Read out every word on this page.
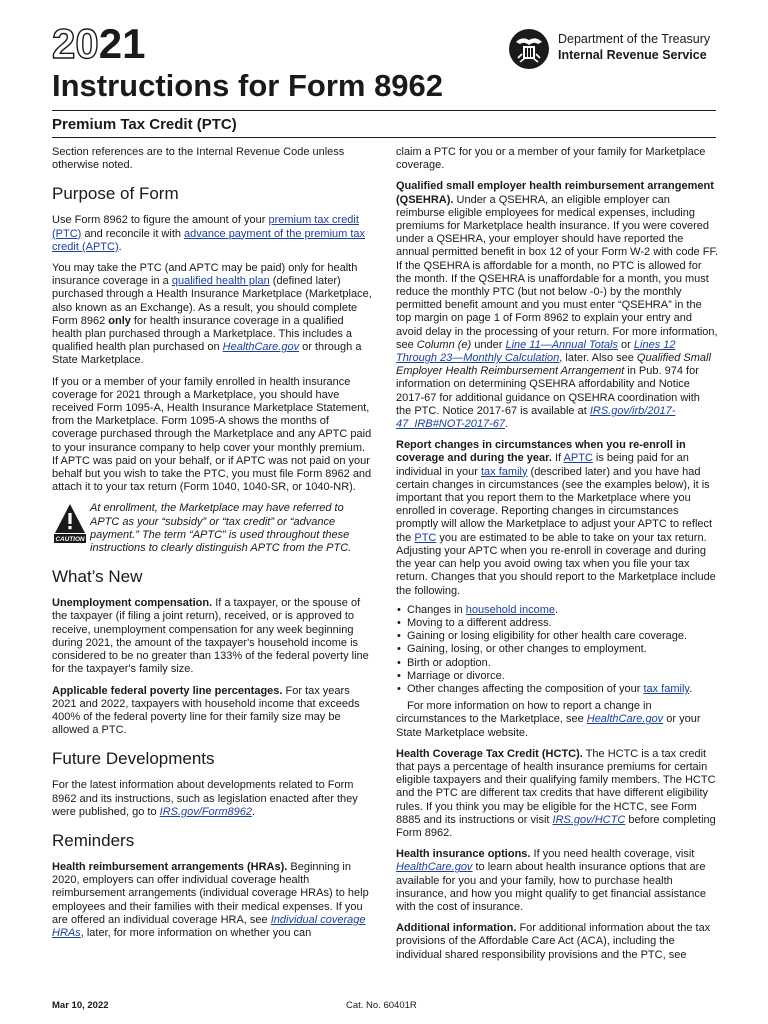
2021
Instructions for Form 8962
Premium Tax Credit (PTC)
Department of the Treasury
Internal Revenue Service

Section references are to the Internal Revenue Code unless otherwise noted.

Purpose of Form

Use Form 8962 to figure the amount of your premium tax credit (PTC) and reconcile it with advance payment of the premium tax credit (APTC).

You may take the PTC (and APTC may be paid) only for health insurance coverage in a qualified health plan (defined later) purchased through a Health Insurance Marketplace (Marketplace, also known as an Exchange). As a result, you should complete Form 8962 only for health insurance coverage in a qualified health plan purchased through a Marketplace. This includes a qualified health plan purchased on HealthCare.gov or through a State Marketplace.

If you or a member of your family enrolled in health insurance coverage for 2021 through a Marketplace, you should have received Form 1095-A, Health Insurance Marketplace Statement, from the Marketplace. Form 1095-A shows the months of coverage purchased through the Marketplace and any APTC paid to your insurance company to help cover your monthly premium. If APTC was paid on your behalf, or if APTC was not paid on your behalf but you wish to take the PTC, you must file Form 8962 and attach it to your tax return (Form 1040, 1040-SR, or 1040-NR).

CAUTION
At enrollment, the Marketplace may have referred to APTC as your “subsidy” or “tax credit” or “advance payment.” The term “APTC” is used throughout these instructions to clearly distinguish APTC from the PTC.
What’s New

Unemployment compensation. If a taxpayer, or the spouse of the taxpayer (if filing a joint return), received, or is approved to receive, unemployment compensation for any week beginning during 2021, the amount of the taxpayer's household income is considered to be no greater than 133% of the federal poverty line for the taxpayer's family size.

Applicable federal poverty line percentages. For tax years 2021 and 2022, taxpayers with household income that exceeds 400% of the federal poverty line for their family size may be allowed a PTC.

Future Developments

For the latest information about developments related to Form 8962 and its instructions, such as legislation enacted after they were published, go to IRS.gov/Form8962.

Reminders

Health reimbursement arrangements (HRAs). Beginning in 2020, employers can offer individual coverage health reimbursement arrangements (individual coverage HRAs) to help employees and their families with their medical expenses. If you are offered an individual coverage HRA, see Individual coverage HRAs, later, for more information on whether you can

claim a PTC for you or a member of your family for Marketplace coverage.

Qualified small employer health reimbursement arrangement (QSEHRA). Under a QSEHRA, an eligible employer can reimburse eligible employees for medical expenses, including premiums for Marketplace health insurance. If you were covered under a QSEHRA, your employer should have reported the annual permitted benefit in box 12 of your Form W-2 with code FF. If the QSEHRA is affordable for a month, no PTC is allowed for the month. If the QSEHRA is unaffordable for a month, you must reduce the monthly PTC (but not below -0-) by the monthly permitted benefit amount and you must enter “QSEHRA” in the top margin on page 1 of Form 8962 to explain your entry and avoid delay in the processing of your return. For more information, see Column (e) under Line 11—Annual Totals or Lines 12 Through 23—Monthly Calculation, later. Also see Qualified Small Employer Health Reimbursement Arrangement in Pub. 974 for information on determining QSEHRA affordability and Notice 2017-67 for additional guidance on QSEHRA coordination with the PTC. Notice 2017-67 is available at IRS.gov/irb/2017-47_IRB#NOT-2017-67.

Report changes in circumstances when you re-enroll in coverage and during the year. If APTC is being paid for an individual in your tax family (described later) and you have had certain changes in circumstances (see the examples below), it is important that you report them to the Marketplace where you enrolled in coverage. Reporting changes in circumstances promptly will allow the Marketplace to adjust your APTC to reflect the PTC you are estimated to be able to take on your tax return. Adjusting your APTC when you re-enroll in coverage and during the year can help you avoid owing tax when you file your tax return. Changes that you should report to the Marketplace include the following.

• Changes in household income.
• Moving to a different address.
• Gaining or losing eligibility for other health care coverage.
• Gaining, losing, or other changes to employment.
• Birth or adoption.
• Marriage or divorce.
• Other changes affecting the composition of your tax family.

For more information on how to report a change in circumstances to the Marketplace, see HealthCare.gov or your State Marketplace website.

Health Coverage Tax Credit (HCTC). The HCTC is a tax credit that pays a percentage of health insurance premiums for certain eligible taxpayers and their qualifying family members. The HCTC and the PTC are different tax credits that have different eligibility rules. If you think you may be eligible for the HCTC, see Form 8885 and its instructions or visit IRS.gov/HCTC before completing Form 8962.

Health insurance options. If you need health coverage, visit HealthCare.gov to learn about health insurance options that are available for you and your family, how to purchase health insurance, and how you might qualify to get financial assistance with the cost of insurance.

Additional information. For additional information about the tax provisions of the Affordable Care Act (ACA), including the individual shared responsibility provisions and the PTC, see

Mar 10, 2022	Cat. No. 60401R
